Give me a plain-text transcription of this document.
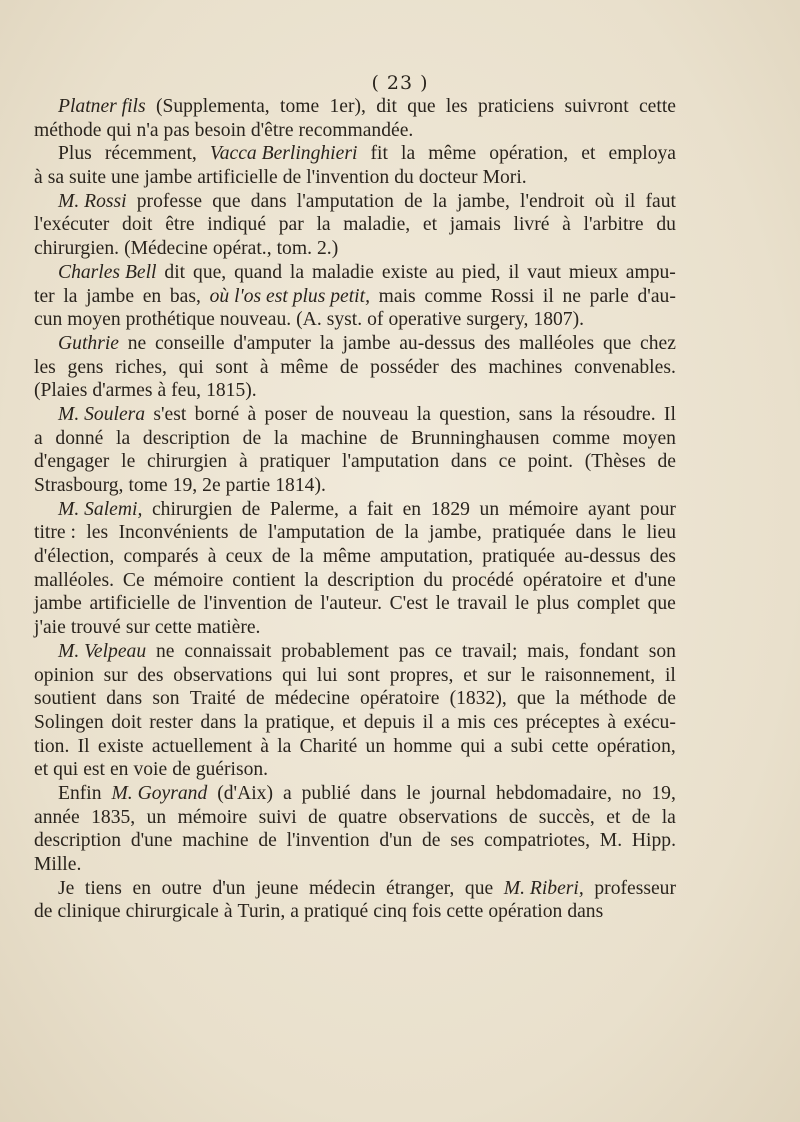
( 23 )
Platner fils (Supplementa, tome 1er), dit que les praticiens suivront cette
méthode qui n'a pas besoin d'être recommandée.
Plus récemment, Vacca Berlinghieri fit la même opération, et employa
à sa suite une jambe artificielle de l'invention du docteur Mori.
M. Rossi professe que dans l'amputation de la jambe, l'endroit où il faut
l'exécuter doit être indiqué par la maladie, et jamais livré à l'arbitre du
chirurgien. (Médecine opérat., tom. 2.)
Charles Bell dit que, quand la maladie existe au pied, il vaut mieux ampu-
ter la jambe en bas, où l'os est plus petit, mais comme Rossi il ne parle d'au-
cun moyen prothétique nouveau. (A. syst. of operative surgery, 1807).
Guthrie ne conseille d'amputer la jambe au-dessus des malléoles que chez
les gens riches, qui sont à même de posséder des machines convenables.
(Plaies d'armes à feu, 1815).
M. Soulera s'est borné à poser de nouveau la question, sans la résoudre. Il
a donné la description de la machine de Brunninghausen comme moyen
d'engager le chirurgien à pratiquer l'amputation dans ce point. (Thèses de
Strasbourg, tome 19, 2e partie 1814).
M. Salemi, chirurgien de Palerme, a fait en 1829 un mémoire ayant pour
titre : les Inconvénients de l'amputation de la jambe, pratiquée dans le lieu
d'élection, comparés à ceux de la même amputation, pratiquée au-dessus des
malléoles. Ce mémoire contient la description du procédé opératoire et d'une
jambe artificielle de l'invention de l'auteur. C'est le travail le plus complet que
j'aie trouvé sur cette matière.
M. Velpeau ne connaissait probablement pas ce travail; mais, fondant son
opinion sur des observations qui lui sont propres, et sur le raisonnement, il
soutient dans son Traité de médecine opératoire (1832), que la méthode de
Solingen doit rester dans la pratique, et depuis il a mis ces préceptes à exécu-
tion. Il existe actuellement à la Charité un homme qui a subi cette opération,
et qui est en voie de guérison.
Enfin M. Goyrand (d'Aix) a publié dans le journal hebdomadaire, no 19,
année 1835, un mémoire suivi de quatre observations de succès, et de la
description d'une machine de l'invention d'un de ses compatriotes, M. Hipp.
Mille.
Je tiens en outre d'un jeune médecin étranger, que M. Riberi, professeur
de clinique chirurgicale à Turin, a pratiqué cinq fois cette opération dans
